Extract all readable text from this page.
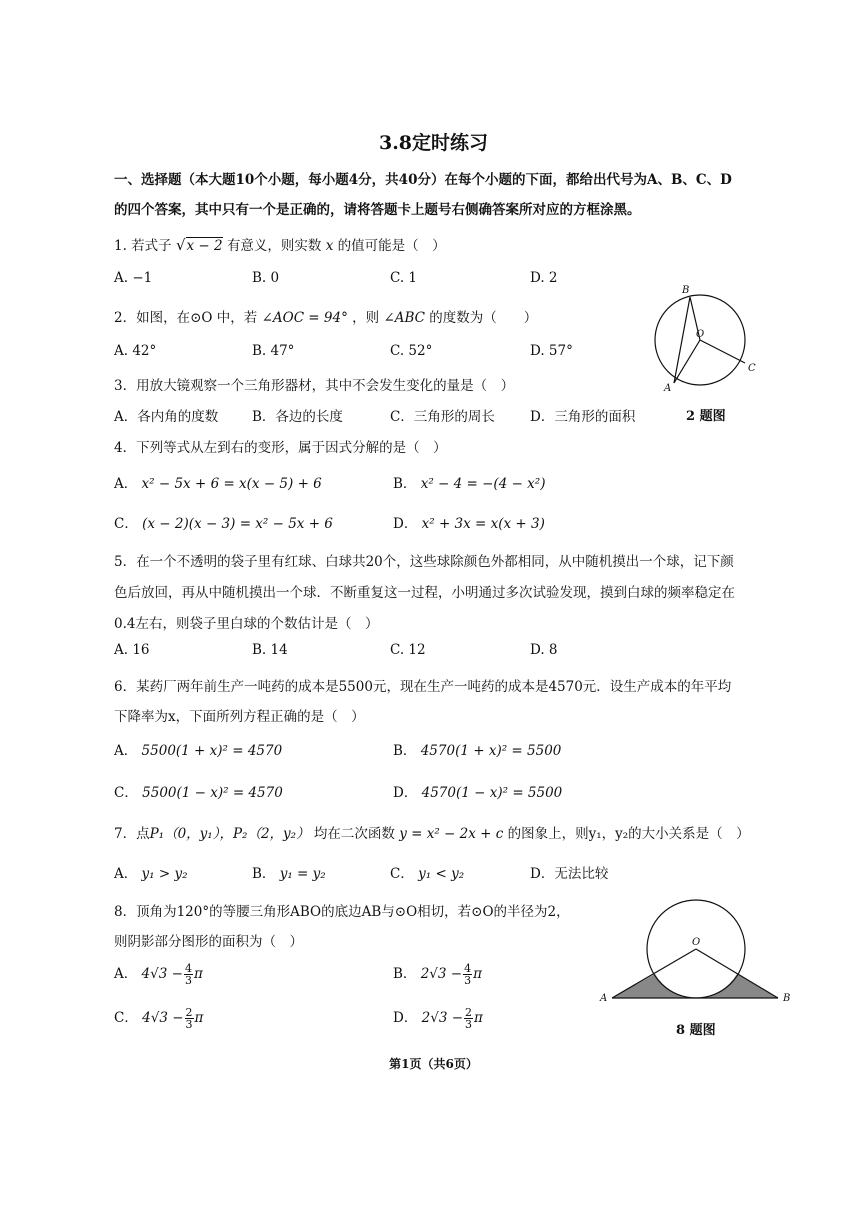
3.8定时练习
一、选择题（本大题10个小题，每小题4分，共40分）在每个小题的下面，都给出代号为A、B、C、D
的四个答案，其中只有一个是正确的，请将答题卡上题号右侧确答案所对应的方框涂黑。
1. 若式子 √x − 2 有意义，则实数 x 的值可能是（　）
A. −1	B. 0	C. 1	D. 2
2．如图，在⊙O 中，若 ∠AOC = 94° ，则 ∠ABC 的度数为（　　）
A. 42°	B. 47°	C. 52°	D. 57°
B
O
C
A
2 题图
3．用放大镜观察一个三角形器材，其中不会发生变化的量是（　）
A．各内角的度数	B．各边的长度	C．三角形的周长	D．三角形的面积
4．下列等式从左到右的变形，属于因式分解的是（　）
A． x² − 5x + 6 = x(x − 5) + 6	B． x² − 4 = −(4 − x²)
C． (x − 2)(x − 3) = x² − 5x + 6	D． x² + 3x = x(x + 3)
5．在一个不透明的袋子里有红球、白球共20个，这些球除颜色外都相同，从中随机摸出一个球，记下颜
色后放回，再从中随机摸出一个球．不断重复这一过程，小明通过多次试验发现，摸到白球的频率稳定在
0.4左右，则袋子里白球的个数估计是（　）
A. 16	B. 14	C. 12	D. 8
6．某药厂两年前生产一吨药的成本是5500元，现在生产一吨药的成本是4570元．设生产成本的年平均
下降率为x，下面所列方程正确的是（　）
A． 5500(1 + x)² = 4570	B． 4570(1 + x)² = 5500
C． 5500(1 − x)² = 4570	D． 4570(1 − x)² = 5500
7．点P₁（0，y₁），P₂（2，y₂） 均在二次函数 y = x² − 2x + c 的图象上，则y₁，y₂的大小关系是（　）
A． y₁ > y₂	B． y₁ = y₂	C． y₁ < y₂	D．无法比较
8．顶角为120°的等腰三角形ABO的底边AB与⊙O相切，若⊙O的半径为2，
则阴影部分图形的面积为（　）
A． $4√3 - \frac{4}{3}$ π	B． $2√3 - \frac{4}{3}$ π
C． $4√3 - \frac{2}{3}$ π	D． $2√3 - \frac{2}{3}$ π
O
A	B
8 题图
第1页（共6页）
